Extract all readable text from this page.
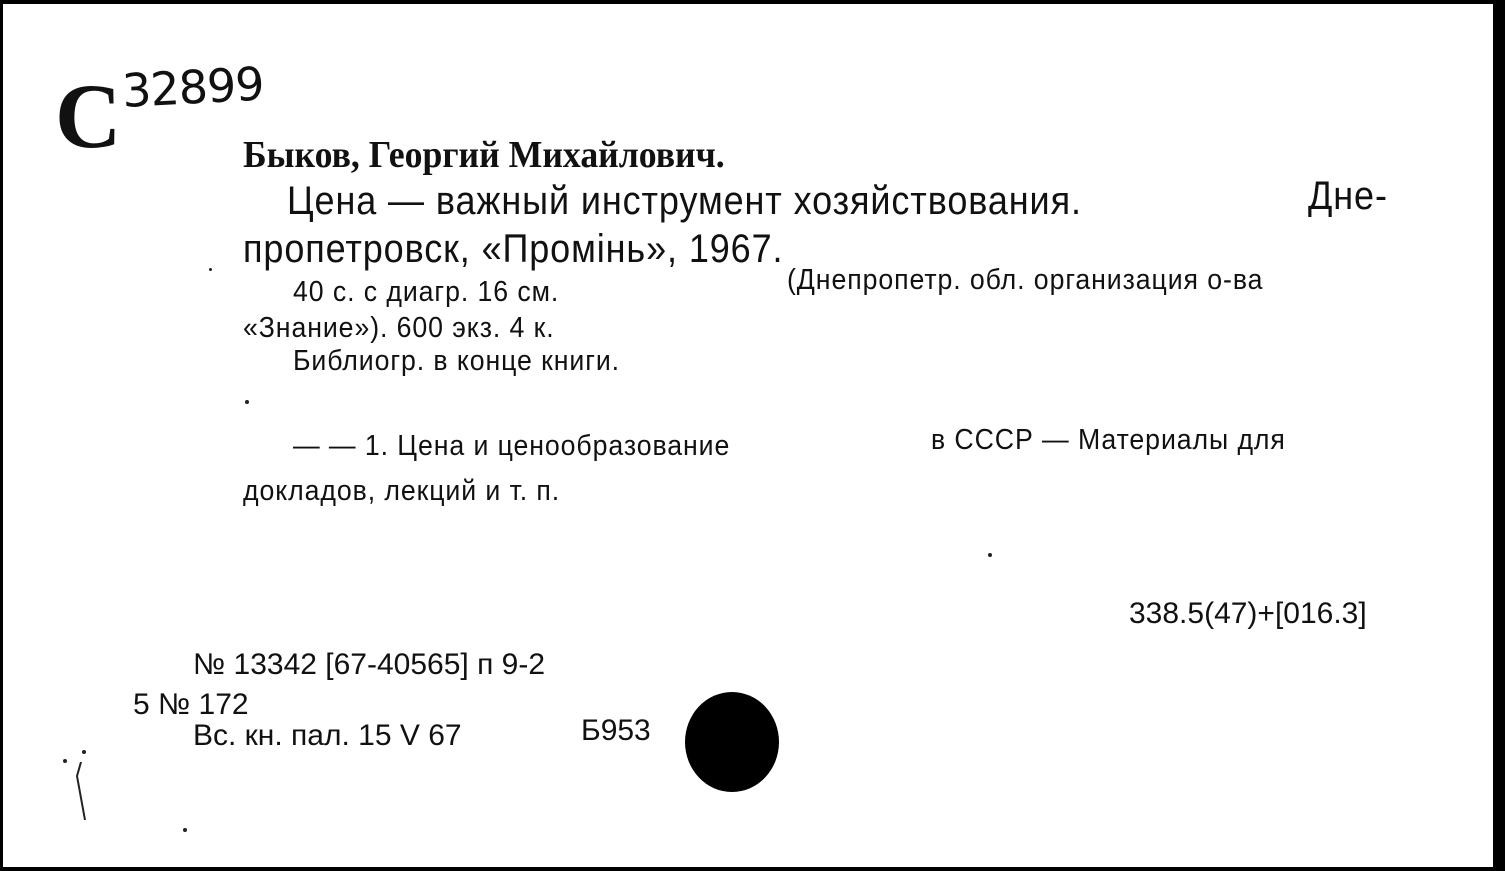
C 32899
Быков, Георгий Михайлович.
Цена — важный инструмент хозяйствования.	Дне-
пропетровск, «Промінь», 1967.
40 с. с диагр. 16 см.	(Днепропетр. обл. организация о-ва
«Знание»). 600 экз. 4 к.
Библиогр. в конце книги.
— — 1. Цена и ценообразование	в СССР — Материалы для
докладов, лекций и т. п.
338.5(47)+[016.3]
№ 13342 [67-40565] п 9-2
5 № 172
Вс. кн. пал. 15 V 67	Б953
